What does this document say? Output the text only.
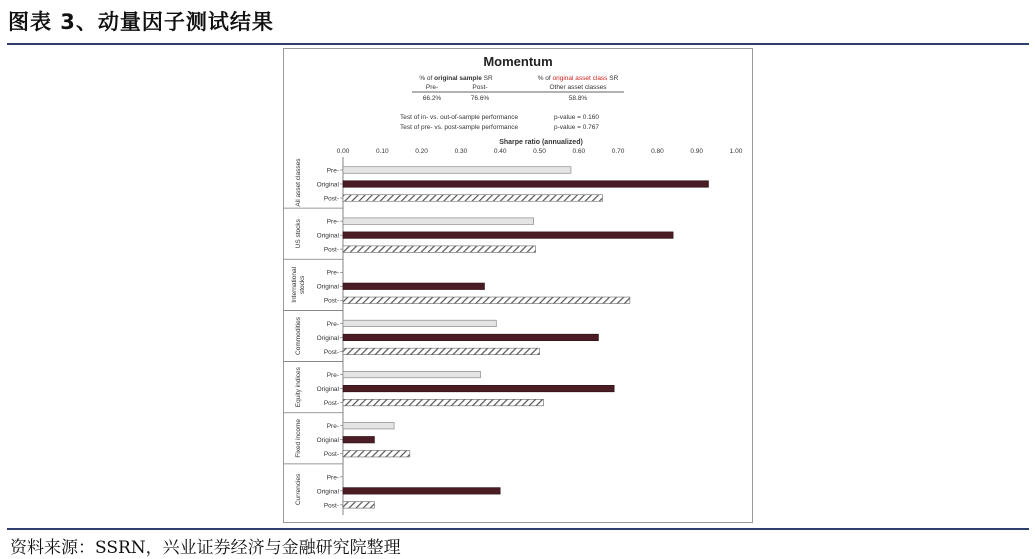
图表 3、动量因子测试结果
Momentum
% of original sample SR	% of original asset class SR
Pre-	Post-	Other asset classes
66.2%	76.6%	58.8%
Test of in- vs. out-of-sample performance	p-value = 0.160
Test of pre- vs. post-sample performance	p-value = 0.767
Sharpe ratio (annualized)
0.00	0.10	0.20	0.30	0.40	0.50	0.60	0.70	0.80	0.90	1.00
All asset classes
US stocks
Internationalstocks
Commodities
Equity indices
Fixed income
Currencies
Pre-
Original
Post-
Pre-
Original
Post-
Pre-
Original
Post-
Pre-
Original
Post-
Pre-
Original
Post-
Pre-
Original
Post-
Pre-
Original
Post-
资料来源：SSRN，兴业证券经济与金融研究院整理
